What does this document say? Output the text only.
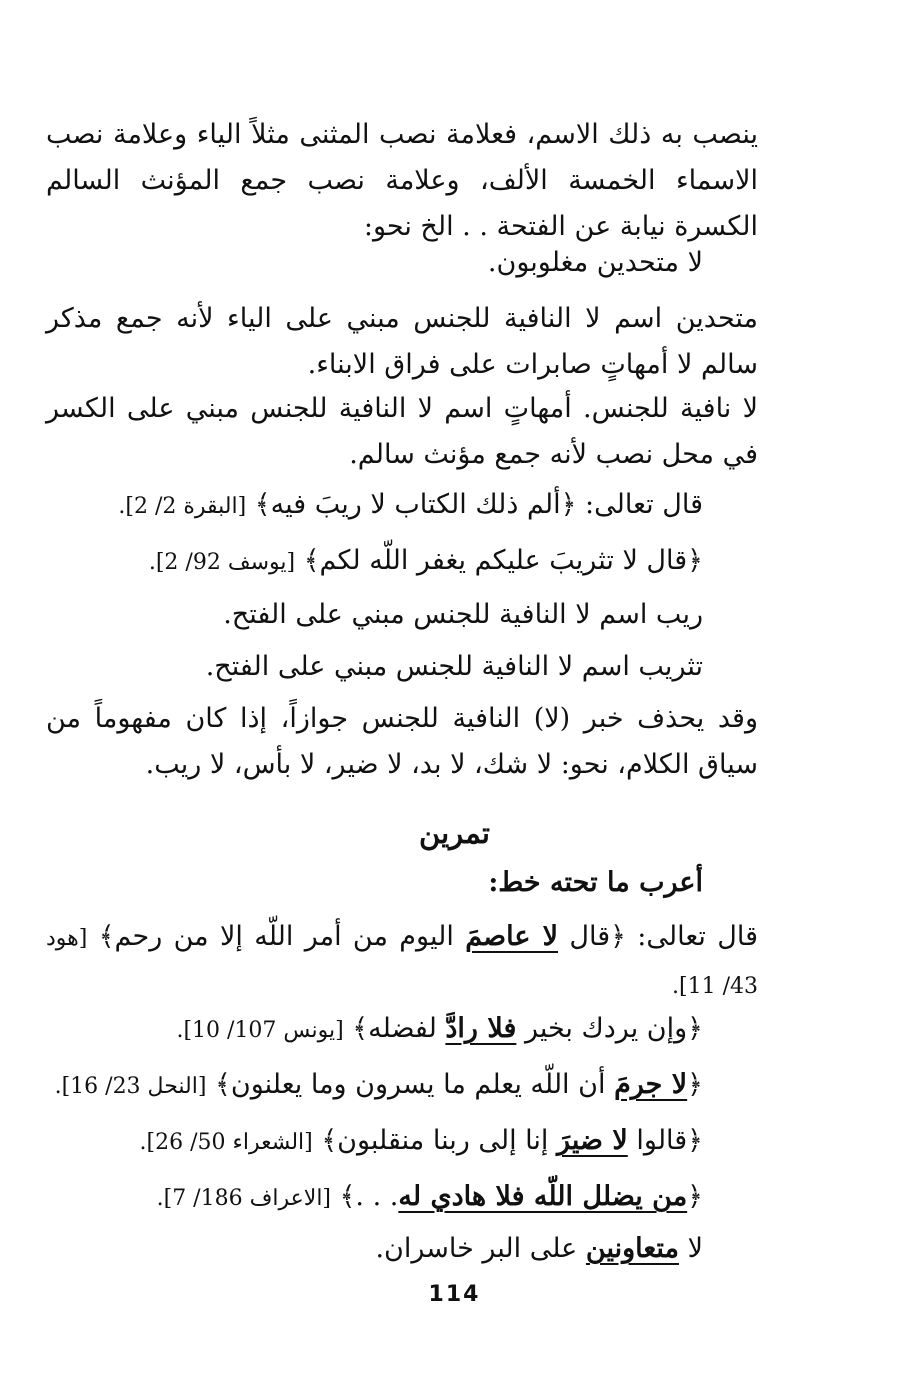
ينصب به ذلك الاسم، فعلامة نصب المثنى مثلاً الياء وعلامة نصب الاسماء الخمسة الألف، وعلامة نصب جمع المؤنث السالم الكسرة نيابة عن الفتحة . . الخ نحو:
لا متحدين مغلوبون.
متحدين اسم لا النافية للجنس مبني على الياء لأنه جمع مذكر سالم لا أمهاتٍ صابرات على فراق الابناء.
لا نافية للجنس. أمهاتٍ اسم لا النافية للجنس مبني على الكسر في محل نصب لأنه جمع مؤنث سالم.
قال تعالى: ﴿ألم ذلك الكتاب لا ريبَ فيه﴾ [البقرة 2/ 2].
﴿قال لا تثريبَ عليكم يغفر اللّه لكم﴾ [يوسف 92/ 2].
ريب اسم لا النافية للجنس مبني على الفتح.
تثريب اسم لا النافية للجنس مبني على الفتح.
وقد يحذف خبر (لا) النافية للجنس جوازاً، إذا كان مفهوماً من سياق الكلام، نحو: لا شك، لا بد، لا ضير، لا بأس، لا ريب.
تمرين
أعرب ما تحته خط:
قال تعالى: ﴿قال لا عاصمَ اليوم من أمر اللّه إلا من رحم﴾ [هود 43/ 11].
﴿وإن يردك بخير فلا رادَّ لفضله﴾ [يونس 107/ 10].
﴿لا جرمَ أن اللّه يعلم ما يسرون وما يعلنون﴾ [النحل 23/ 16].
﴿قالوا لا ضيرَ إنا إلى ربنا منقلبون﴾ [الشعراء 50/ 26].
﴿من يضلل اللّه فلا هادي له. . .﴾ [الاعراف 186/ 7].
لا متعاونين على البر خاسران.
114
